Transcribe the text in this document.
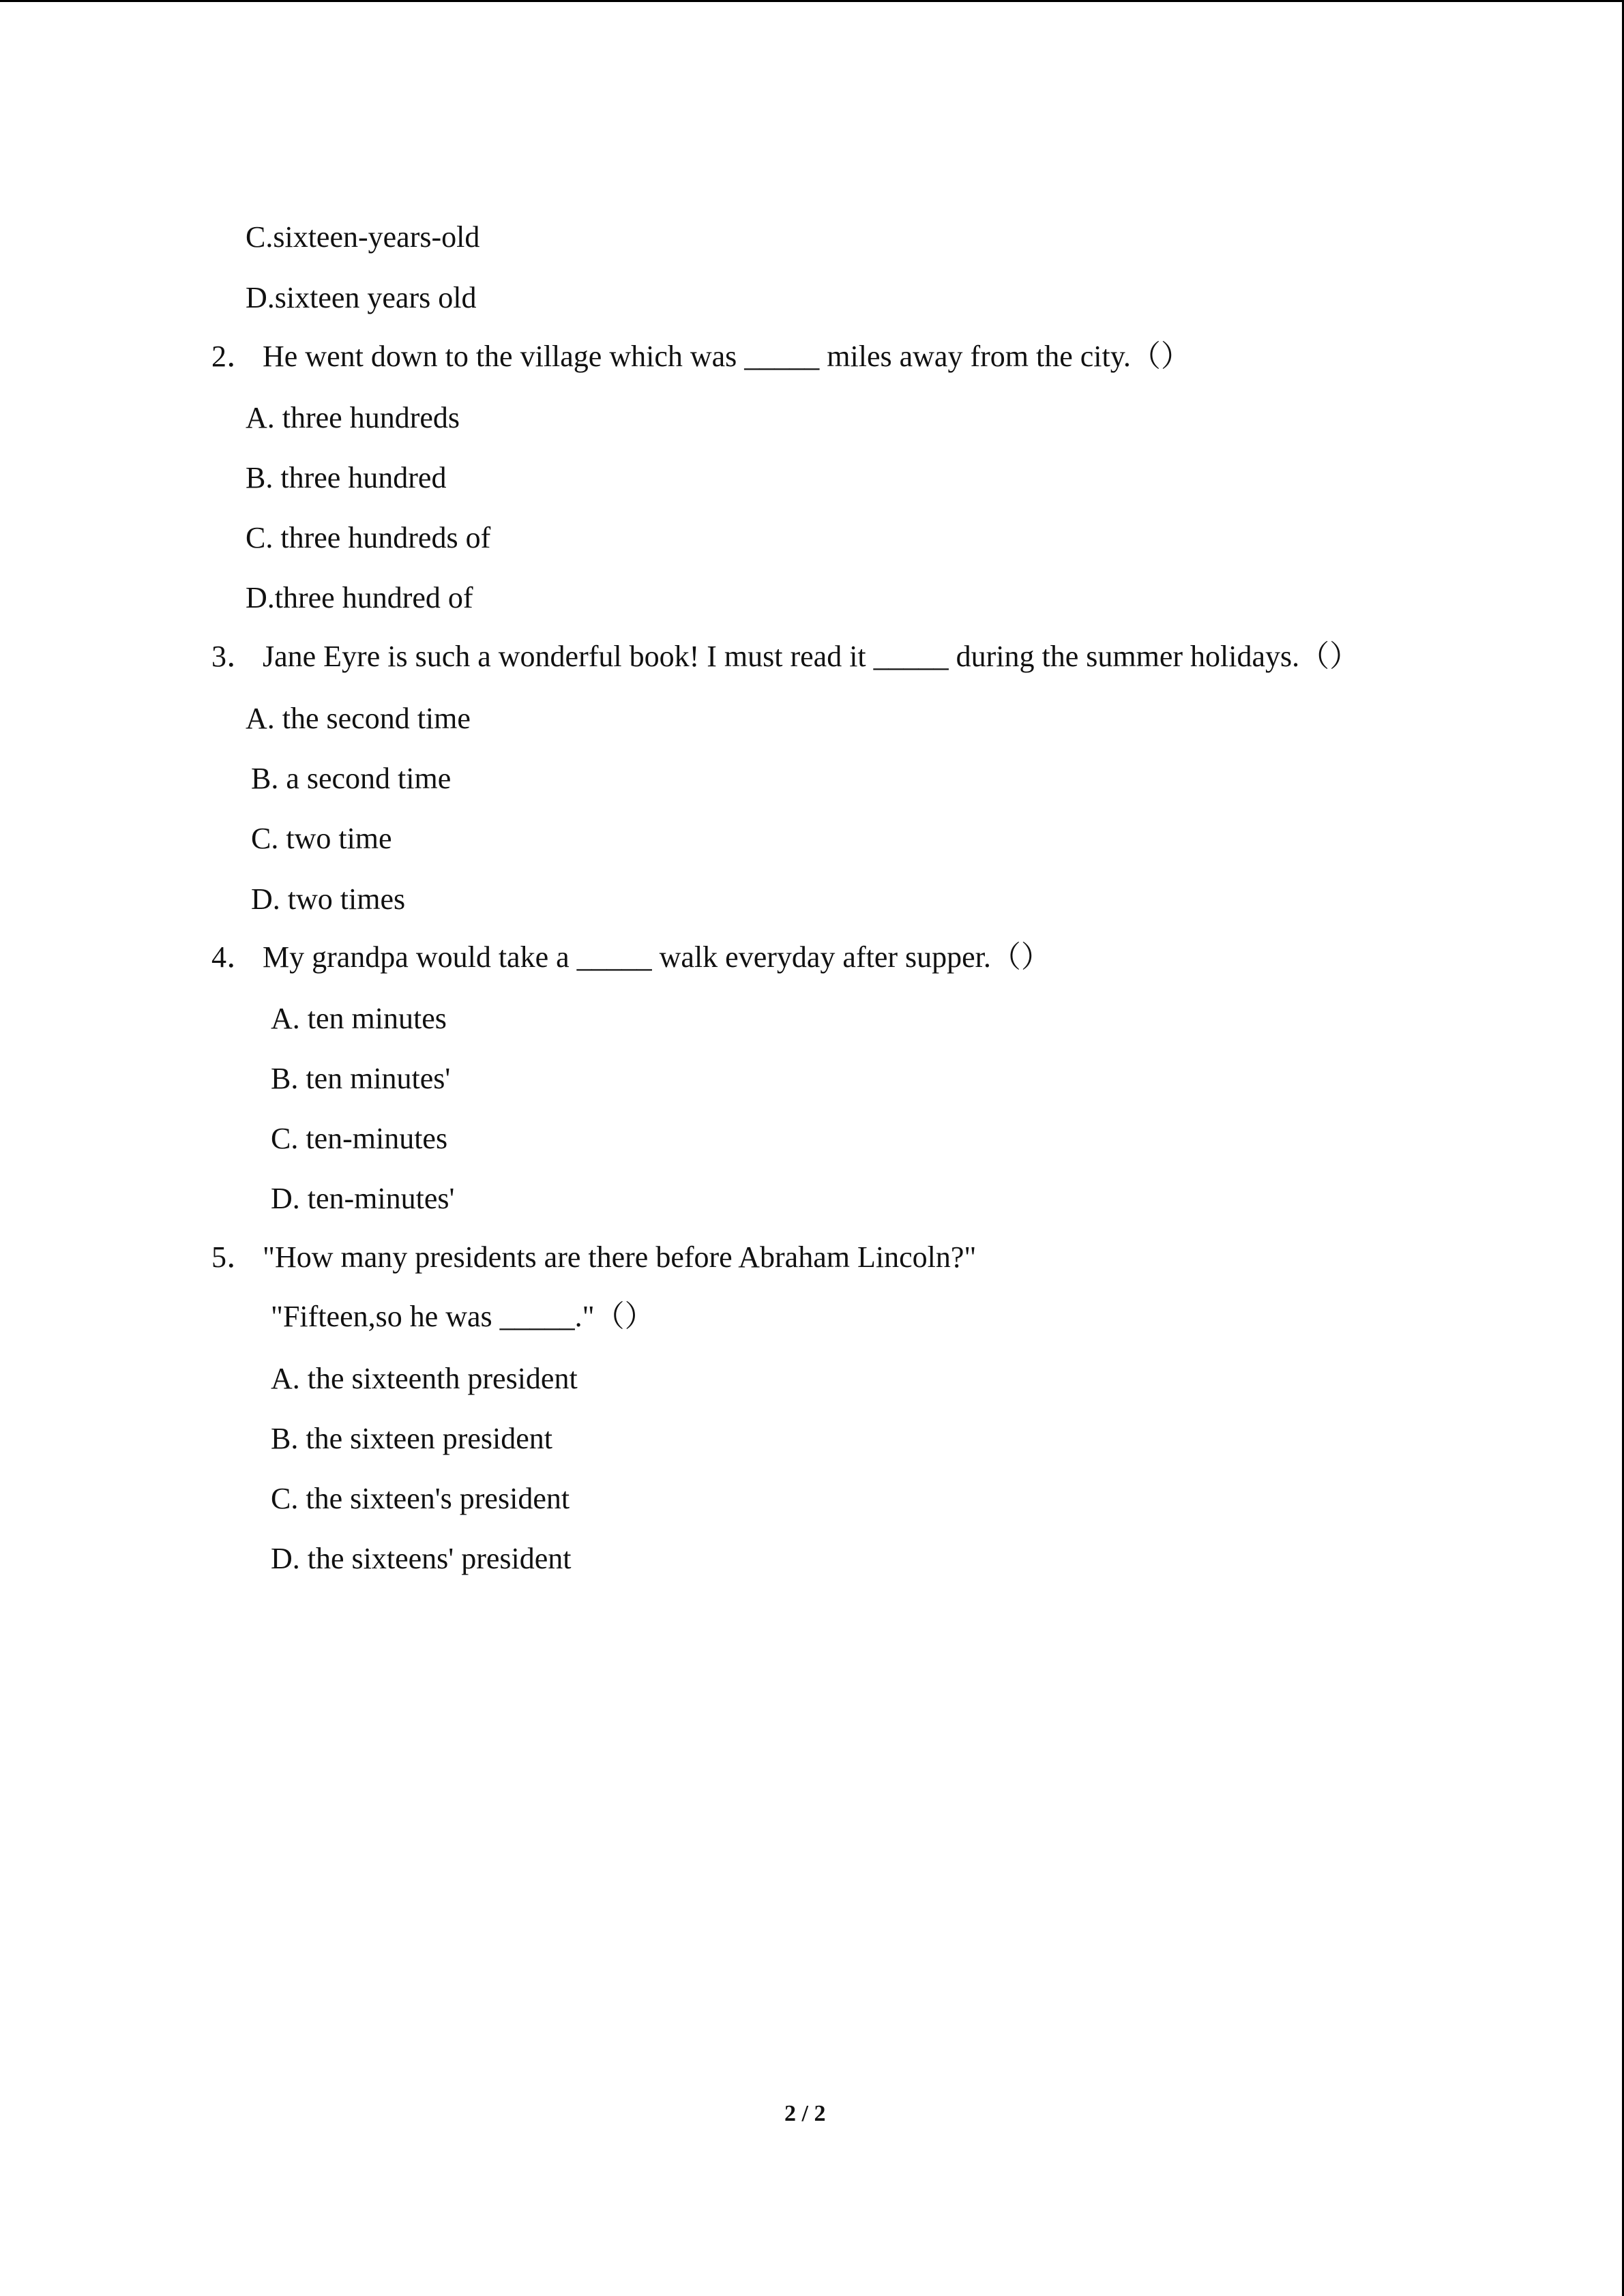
C.sixteen-years-old
D.sixteen years old
2． He went down to the village which was _____ miles away from the city.（）
A. three hundreds
B. three hundred
C. three hundreds of
D.three hundred of
3． Jane Eyre is such a wonderful book! I must read it _____ during the summer holidays.（）
A. the second time
B. a second time
C. two time
D. two times
4． My grandpa would take a _____ walk everyday after supper.（）
A. ten minutes
B. ten minutes'
C. ten-minutes
D. ten-minutes'
5． "How many presidents are there before Abraham Lincoln?"
"Fifteen,so he was _____."（）
A. the sixteenth president
B. the sixteen president
C. the sixteen's president
D. the sixteens' president
2 / 2
